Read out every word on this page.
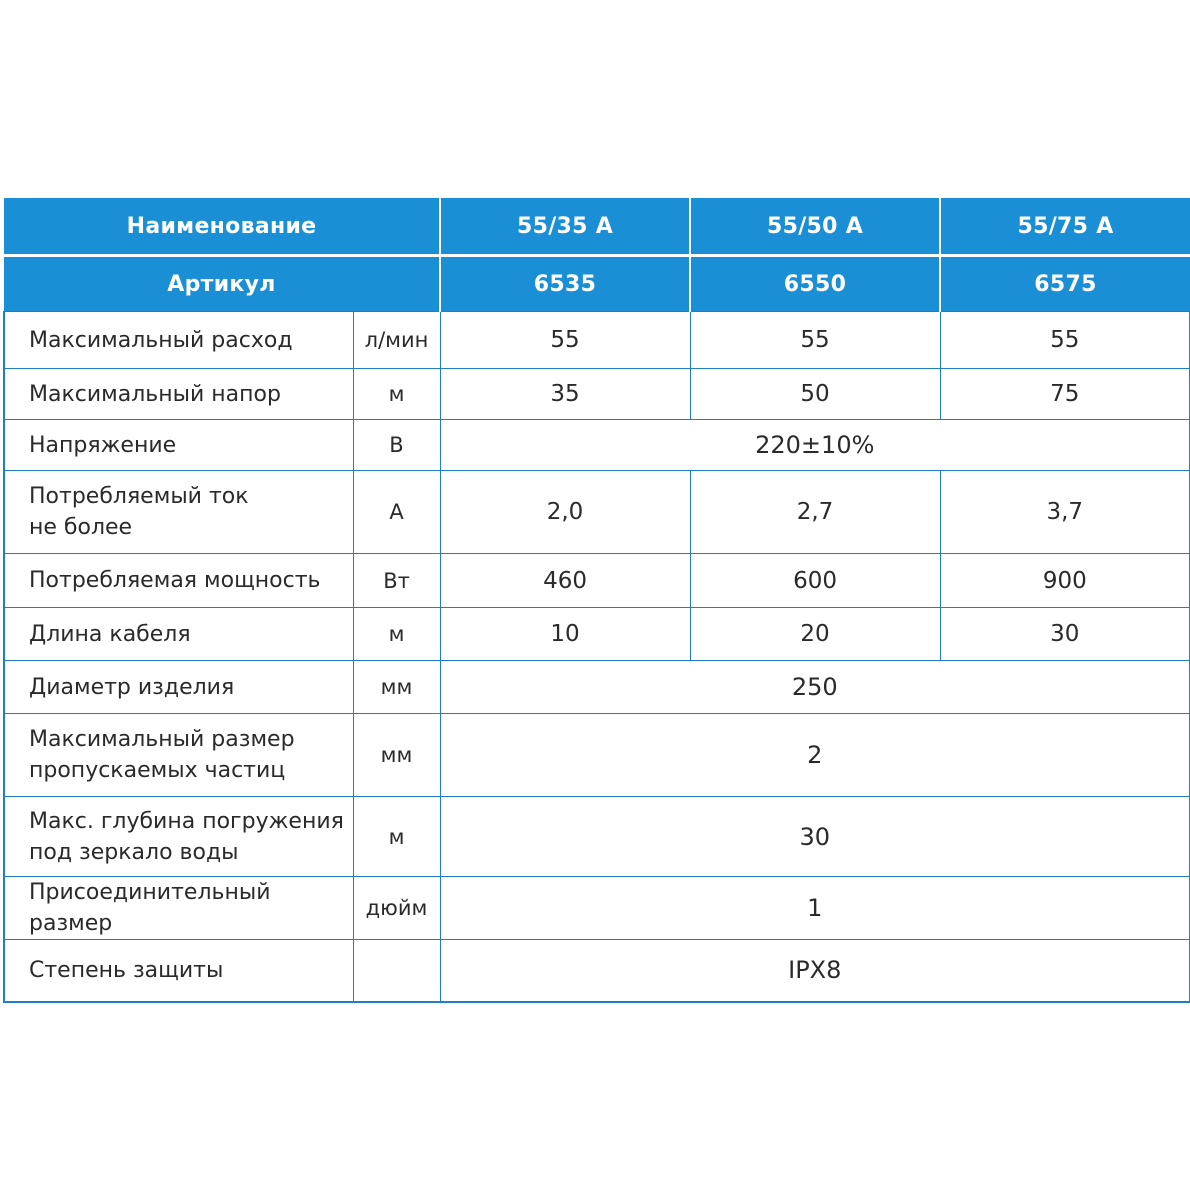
Наименование		55/35 А	55/50 А	55/75 А
Артикул		6535	6550	6575
Максимальный расход	л/мин	55	55	55
Максимальный напор	м	35	50	75
Напряжение	В	220±10%		

Потребляемый ток
не более	А	2,0	2,7	3,7
Потребляемая мощность	Вт	460	600	900
Длина кабеля	м	10	20	30
Диаметр изделия	мм	250		

Максимальный размер
пропускаемых частиц	мм	2		

Макс. глубина погружения
под зеркало воды	м	30		
Присоединительный размер	дюйм	1		
Степень защиты		IPX8		
